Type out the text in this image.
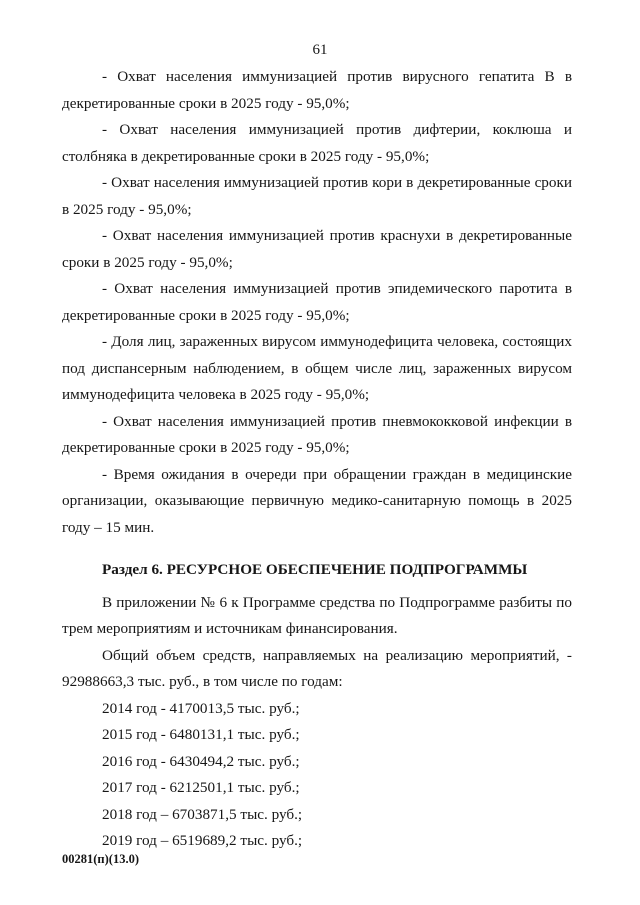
61

- Охват населения иммунизацией против вирусного гепатита В в декретированные сроки в 2025 году - 95,0%;

- Охват населения иммунизацией против дифтерии, коклюша и столбняка в декретированные сроки в 2025 году - 95,0%;

- Охват населения иммунизацией против кори в декретированные сроки в 2025 году - 95,0%;

- Охват населения иммунизацией против краснухи в декретированные сроки в 2025 году - 95,0%;

- Охват населения иммунизацией против эпидемического паротита в декретированные сроки в 2025 году - 95,0%;

- Доля лиц, зараженных вирусом иммунодефицита человека, состоящих под диспансерным наблюдением, в общем числе лиц, зараженных вирусом иммунодефицита человека в 2025 году - 95,0%;

- Охват населения иммунизацией против пневмококковой инфекции в декретированные сроки в 2025 году - 95,0%;

- Время ожидания в очереди при обращении граждан в медицинские организации, оказывающие первичную медико-санитарную помощь в 2025 году – 15 мин.

Раздел 6. РЕСУРСНОЕ ОБЕСПЕЧЕНИЕ ПОДПРОГРАММЫ

В приложении № 6 к Программе средства по Подпрограмме разбиты по трем мероприятиям и источникам финансирования.

Общий объем средств, направляемых на реализацию мероприятий, - 92988663,3 тыс. руб., в том числе по годам:

2014 год - 4170013,5 тыс. руб.;
2015 год - 6480131,1 тыс. руб.;
2016 год - 6430494,2 тыс. руб.;
2017 год - 6212501,1 тыс. руб.;
2018 год – 6703871,5 тыс. руб.;
2019 год – 6519689,2 тыс. руб.;
00281(п)(13.0)
